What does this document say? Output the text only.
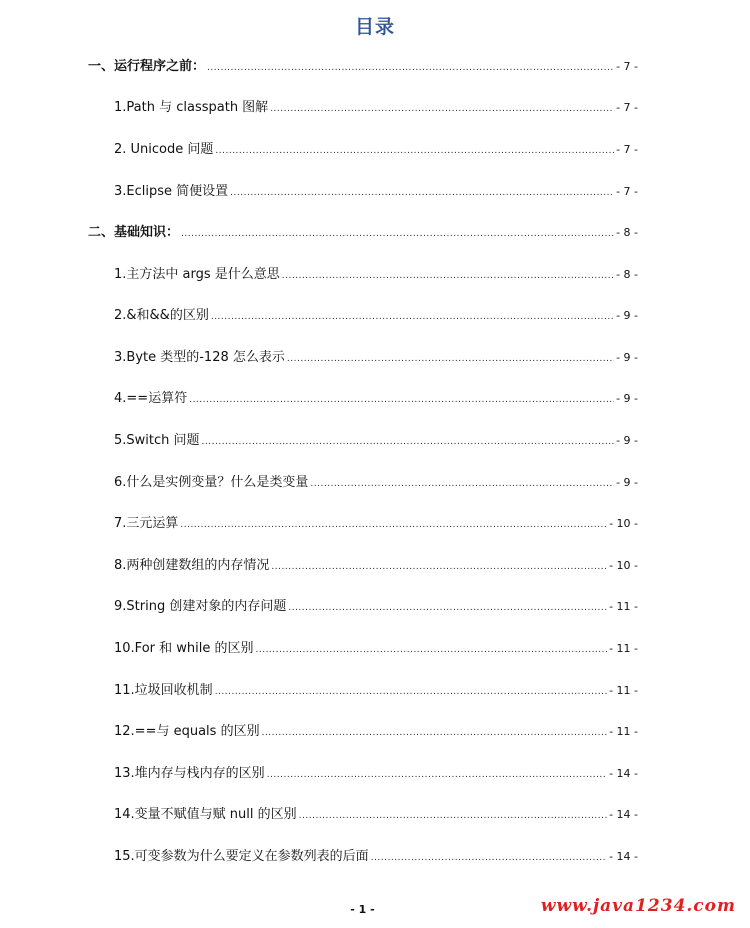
目录
一、运行程序之前： .....	- 7 -
1.Path 与 classpath 图解 .....	- 7 -
2. Unicode 问题 .....	- 7 -
3.Eclipse 简便设置 .....	- 7 -
二、基础知识： .....	- 8 -
1.主方法中 args 是什么意思 .....	- 8 -
2.&和&&的区别 .....	- 9 -
3.Byte 类型的-128 怎么表示 .....	- 9 -
4.==运算符 .....	- 9 -
5.Switch 问题 .....	- 9 -
6.什么是实例变量？什么是类变量 .....	- 9 -
7.三元运算 .....	- 10 -
8.两种创建数组的内存情况 .....	- 10 -
9.String 创建对象的内存问题 .....	- 11 -
10.For 和 while 的区别 .....	- 11 -
11.垃圾回收机制 .....	- 11 -
12.==与 equals 的区别 .....	- 11 -
13.堆内存与栈内存的区别 .....	- 14 -
14.变量不赋值与赋 null 的区别 .....	- 14 -
15.可变参数为什么要定义在参数列表的后面 .....	- 14 -
- 1 -	www.java1234.com
